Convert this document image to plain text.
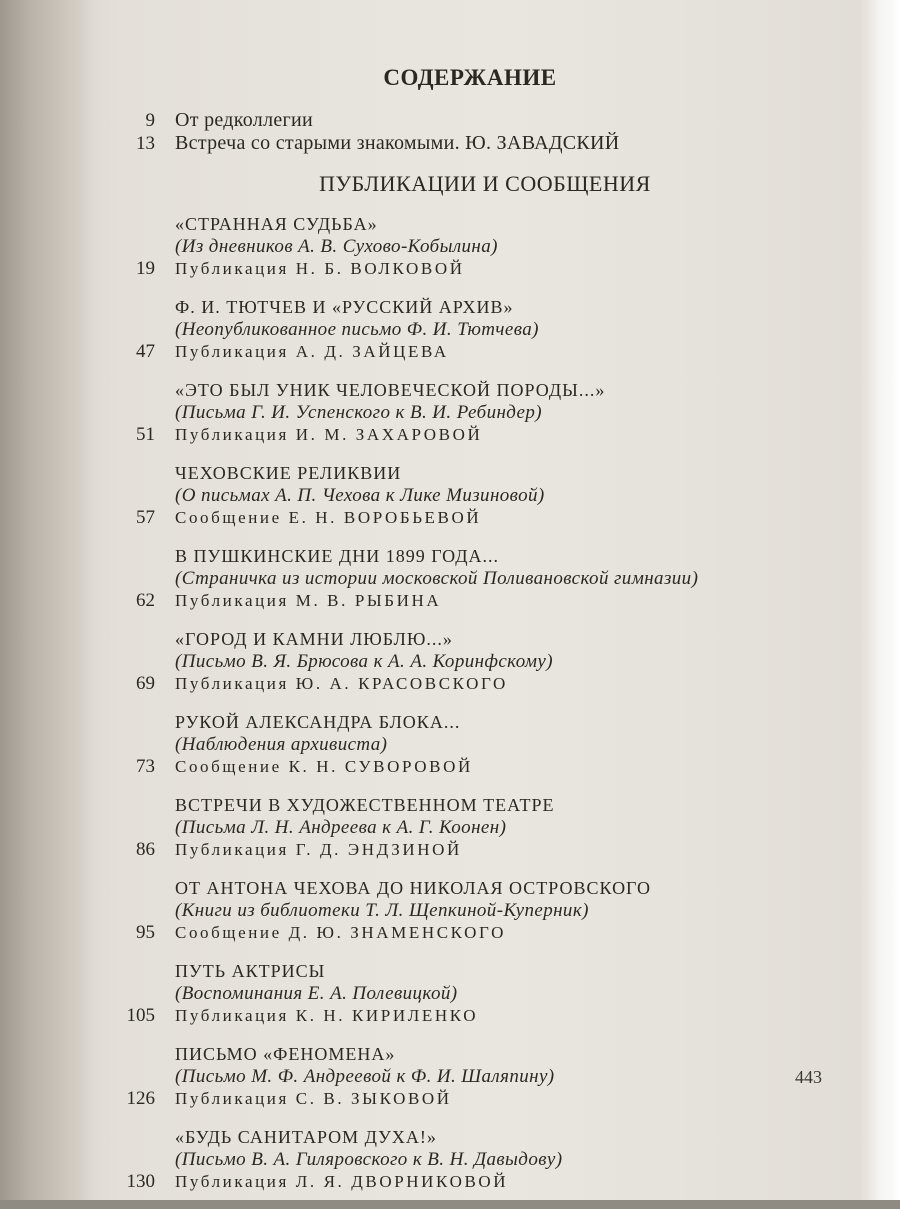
СОДЕРЖАНИЕ
9	От редколлегии
13	Встреча со старыми знакомыми. Ю. ЗАВАДСКИЙ
ПУБЛИКАЦИИ И СООБЩЕНИЯ
«СТРАННАЯ СУДЬБА»
(Из дневников А. В. Сухово-Кобылина)
19	Публикация Н. Б. ВОЛКОВОЙ
Ф. И. ТЮТЧЕВ И «РУССКИЙ АРХИВ»
(Неопубликованное письмо Ф. И. Тютчева)
47	Публикация А. Д. ЗАЙЦЕВА
«ЭТО БЫЛ УНИК ЧЕЛОВЕЧЕСКОЙ ПОРОДЫ...»
(Письма Г. И. Успенского к В. И. Ребиндер)
51	Публикация И. М. ЗАХАРОВОЙ
ЧЕХОВСКИЕ РЕЛИКВИИ
(О письмах А. П. Чехова к Лике Мизиновой)
57	Сообщение Е. Н. ВОРОБЬЕВОЙ
В ПУШКИНСКИЕ ДНИ 1899 ГОДА...
(Страничка из истории московской Поливановской гимназии)
62	Публикация М. В. РЫБИНА
«ГОРОД И КАМНИ ЛЮБЛЮ...»
(Письмо В. Я. Брюсова к А. А. Коринфскому)
69	Публикация Ю. А. КРАСОВСКОГО
РУКОЙ АЛЕКСАНДРА БЛОКА...
(Наблюдения архивиста)
73	Сообщение К. Н. СУВОРОВОЙ
ВСТРЕЧИ В ХУДОЖЕСТВЕННОМ ТЕАТРЕ
(Письма Л. Н. Андреева к А. Г. Коонен)
86	Публикация Г. Д. ЭНДЗИНОЙ
ОТ АНТОНА ЧЕХОВА ДО НИКОЛАЯ ОСТРОВСКОГО
(Книги из библиотеки Т. Л. Щепкиной-Куперник)
95	Сообщение Д. Ю. ЗНАМЕНСКОГО
ПУТЬ АКТРИСЫ
(Воспоминания Е. А. Полевицкой)
105	Публикация К. Н. КИРИЛЕНКО
ПИСЬМО «ФЕНОМЕНА»
(Письмо М. Ф. Андреевой к Ф. И. Шаляпину)
126	Публикация С. В. ЗЫКОВОЙ
«БУДЬ САНИТАРОМ ДУХА!»
(Письмо В. А. Гиляровского к В. Н. Давыдову)
130	Публикация Л. Я. ДВОРНИКОВОЙ
443
